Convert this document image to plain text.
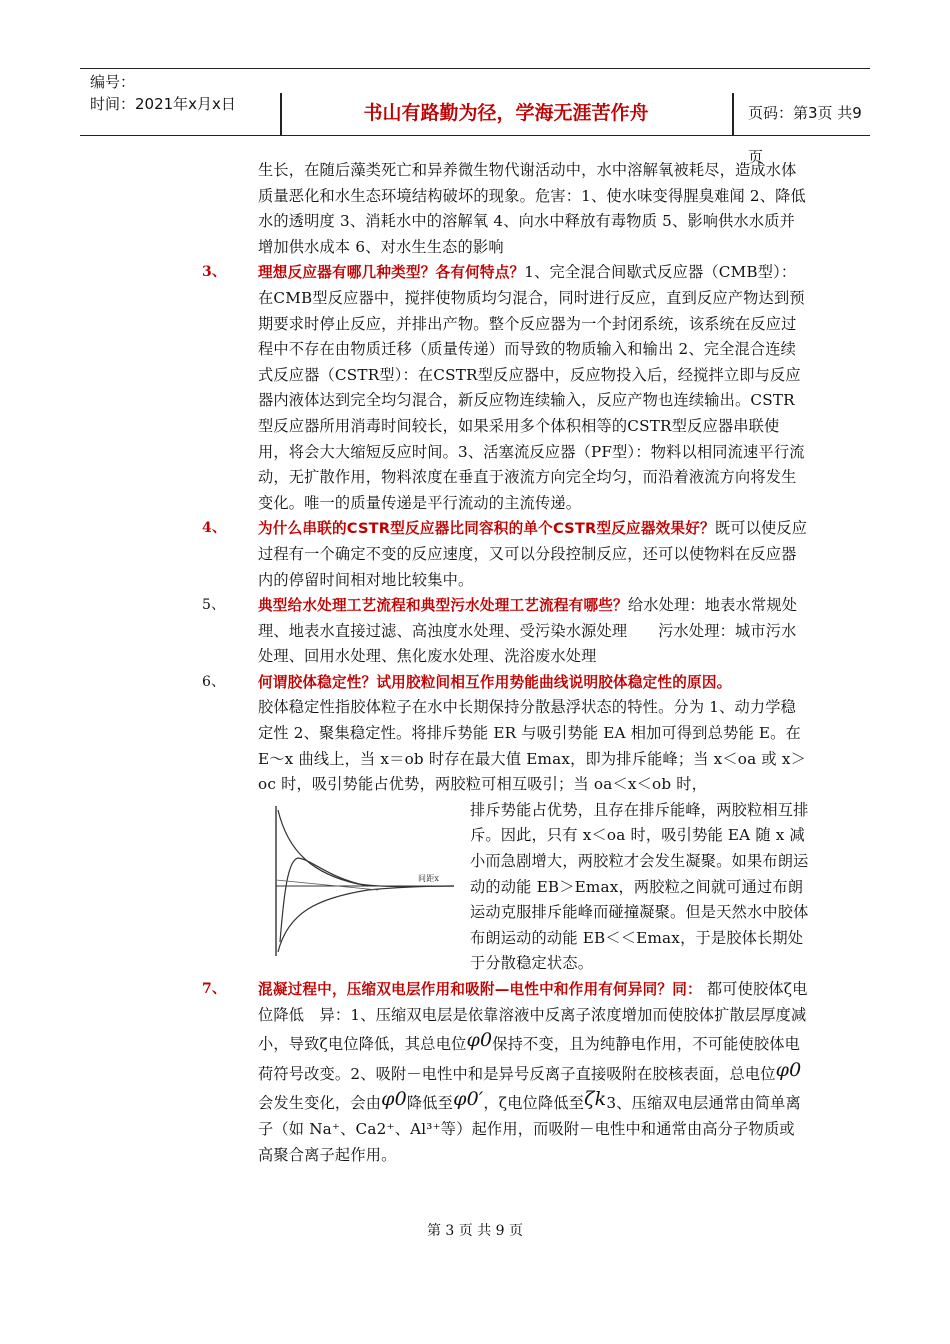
编号：
时间：2021年x月x日	书山有路勤为径，学海无涯苦作舟	页码：第3页 共9页
生长，在随后藻类死亡和异养微生物代谢活动中，水中溶解氧被耗尽，造成水体质量恶化和水生态环境结构破坏的现象。危害：1、使水味变得腥臭难闻 2、降低水的透明度 3、消耗水中的溶解氧 4、向水中释放有毒物质 5、影响供水水质并增加供水成本 6、对水生生态的影响
3、 理想反应器有哪几种类型？各有何特点？1、完全混合间歇式反应器（CMB型）：在CMB型反应器中，搅拌使物质均匀混合，同时进行反应，直到反应产物达到预期要求时停止反应，并排出产物。整个反应器为一个封闭系统，该系统在反应过程中不存在由物质迁移（质量传递）而导致的物质输入和输出 2、完全混合连续式反应器（CSTR型）：在CSTR型反应器中，反应物投入后，经搅拌立即与反应器内液体达到完全均匀混合，新反应物连续输入，反应产物也连续输出。CSTR型反应器所用消毒时间较长，如果采用多个体积相等的CSTR型反应器串联使用，将会大大缩短反应时间。3、活塞流反应器（PF型）：物料以相同流速平行流动，无扩散作用，物料浓度在垂直于液流方向完全均匀，而沿着液流方向将发生变化。唯一的质量传递是平行流动的主流传递。
4、 为什么串联的CSTR型反应器比同容积的单个CSTR型反应器效果好？既可以使反应过程有一个确定不变的反应速度，又可以分段控制反应，还可以使物料在反应器内的停留时间相对地比较集中。
5、 典型给水处理工艺流程和典型污水处理工艺流程有哪些？给水处理：地表水常规处理、地表水直接过滤、高浊度水处理、受污染水源处理　　污水处理：城市污水处理、回用水处理、焦化废水处理、洗浴废水处理
6、 何谓胶体稳定性？试用胶粒间相互作用势能曲线说明胶体稳定性的原因。
胶体稳定性指胶体粒子在水中长期保持分散悬浮状态的特性。分为 1、动力学稳定性 2、聚集稳定性。将排斥势能 ER 与吸引势能 EA 相加可得到总势能 E。在 E～x 曲线上，当 x＝ob 时存在最大值 Emax，即为排斥能峰；当 x＜oa 或 x＞oc 时，吸引势能占优势，两胶粒可相互吸引；当 oa＜x＜ob 时，
间距x
排斥势能占优势，且存在排斥能峰，两胶粒相互排斥。因此，只有 x＜oa 时，吸引势能 EA 随 x 减小而急剧增大，两胶粒才会发生凝聚。如果布朗运动的动能 EB＞Emax，两胶粒之间就可通过布朗运动克服排斥能峰而碰撞凝聚。但是天然水中胶体布朗运动的动能 EB＜＜Emax，于是胶体长期处于分散稳定状态。
7、 混凝过程中，压缩双电层作用和吸附—电性中和作用有何异同？同： 都可使胶体ζ电位降低　异：1、压缩双电层是依靠溶液中反离子浓度增加而使胶体扩散层厚度减小，导致ζ电位降低，其总电位φ0保持不变，且为纯静电作用，不可能使胶体电荷符号改变。2、吸附－电性中和是异号反离子直接吸附在胶核表面，总电位φ0会发生变化，会由φ0降低至φ0′，ζ电位降低至ζk3、压缩双电层通常由简单离子（如 Na⁺、Ca2⁺、Al³⁺等）起作用，而吸附－电性中和通常由高分子物质或高聚合离子起作用。
第 3 页 共 9 页
